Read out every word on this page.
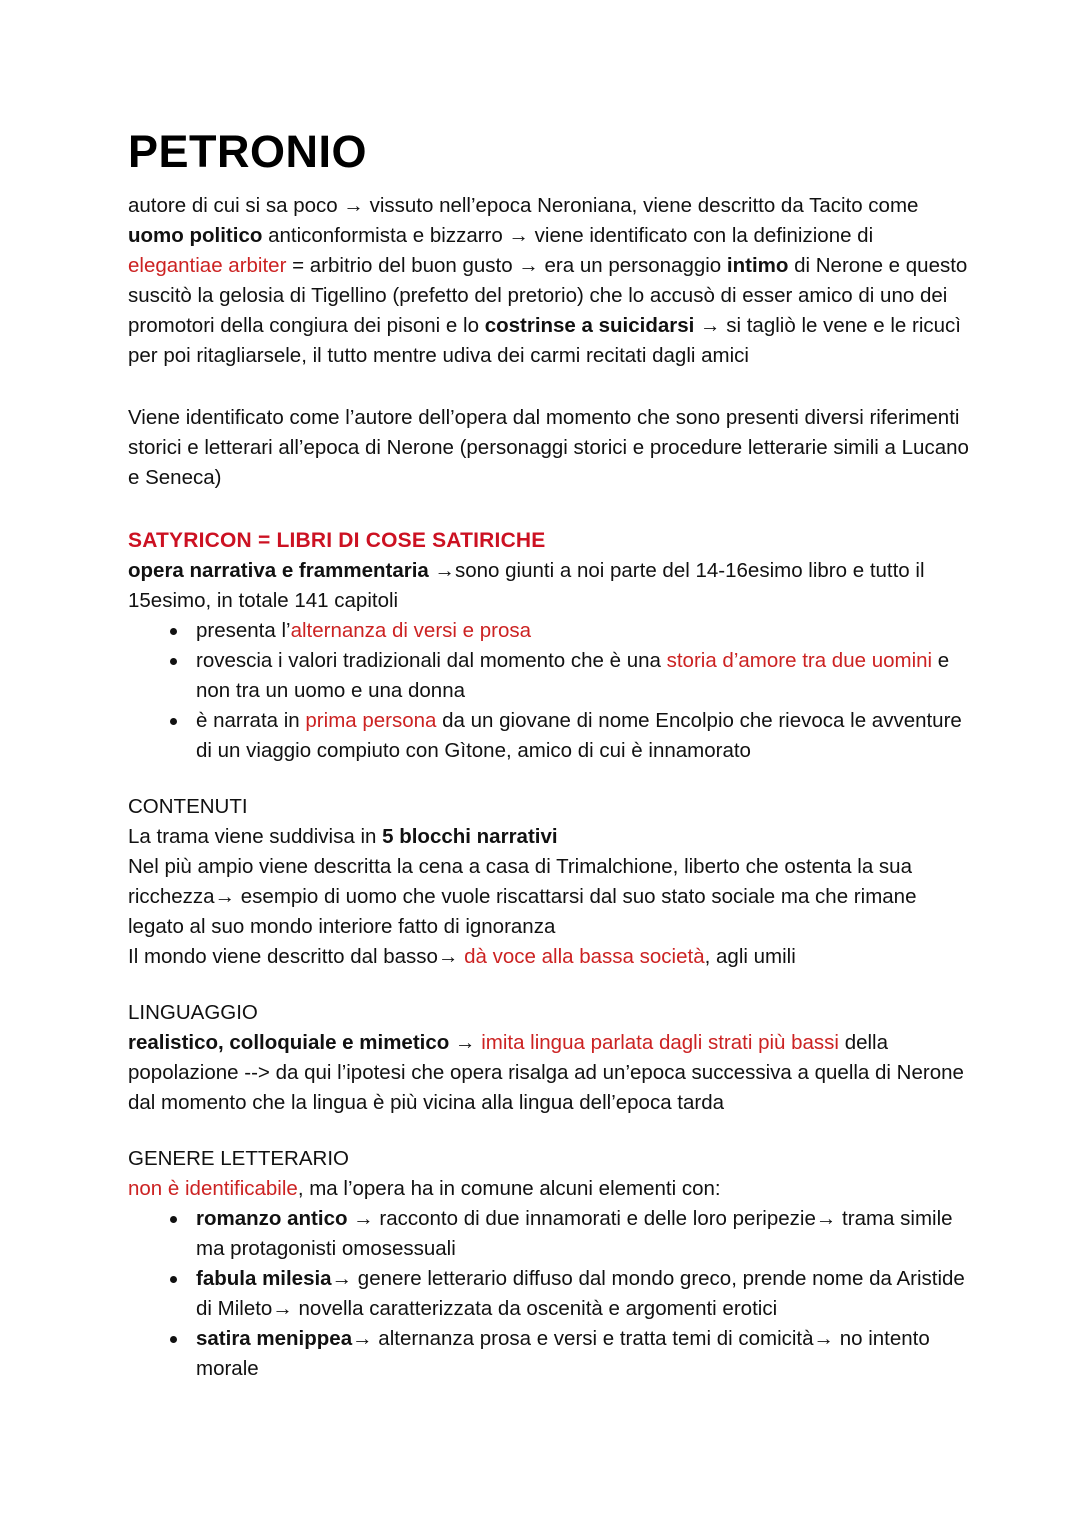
PETRONIO

autore di cui si sa poco → vissuto nell’epoca Neroniana, viene descritto da Tacito come uomo politico anticonformista e bizzarro → viene identificato con la definizione di elegantiae arbiter = arbitrio del buon gusto → era un personaggio intimo di Nerone e questo suscitò la gelosia di Tigellino (prefetto del pretorio) che lo accusò di esser amico di uno dei promotori della congiura dei pisoni e lo costrinse a suicidarsi → si tagliò le vene e le ricucì per poi ritagliarsele, il tutto mentre udiva dei carmi recitati dagli amici

Viene identificato come l’autore dell’opera dal momento che sono presenti diversi riferimenti storici e letterari all’epoca di Nerone (personaggi storici e procedure letterarie simili a Lucano e Seneca)

SATYRICON = LIBRI DI COSE SATIRICHE

opera narrativa e frammentaria →sono giunti a noi parte del 14-16esimo libro e tutto il 15esimo, in totale 141 capitoli

presenta l’alternanza di versi e prosa
rovescia i valori tradizionali dal momento che è una storia d’amore tra due uomini e non tra un uomo e una donna
è narrata in prima persona da un giovane di nome Encolpio che rievoca le avventure di un viaggio compiuto con Gìtone, amico di cui è innamorato
CONTENUTI

La trama viene suddivisa in 5 blocchi narrativi

Nel più ampio viene descritta la cena a casa di Trimalchione, liberto che ostenta la sua ricchezza→ esempio di uomo che vuole riscattarsi dal suo stato sociale ma che rimane legato al suo mondo interiore fatto di ignoranza

Il mondo viene descritto dal basso→ dà voce alla bassa società, agli umili

LINGUAGGIO

realistico, colloquiale e mimetico → imita lingua parlata dagli strati più bassi della popolazione --> da qui l’ipotesi che opera risalga ad un’epoca successiva a quella di Nerone dal momento che la lingua è più vicina alla lingua dell’epoca tarda

GENERE LETTERARIO

non è identificabile, ma l’opera ha in comune alcuni elementi con:

romanzo antico → racconto di due innamorati e delle loro peripezie→ trama simile ma protagonisti omosessuali
fabula milesia→ genere letterario diffuso dal mondo greco, prende nome da Aristide di Mileto→ novella caratterizzata da oscenità e argomenti erotici
satira menippea→ alternanza prosa e versi e tratta temi di comicità→ no intento morale
